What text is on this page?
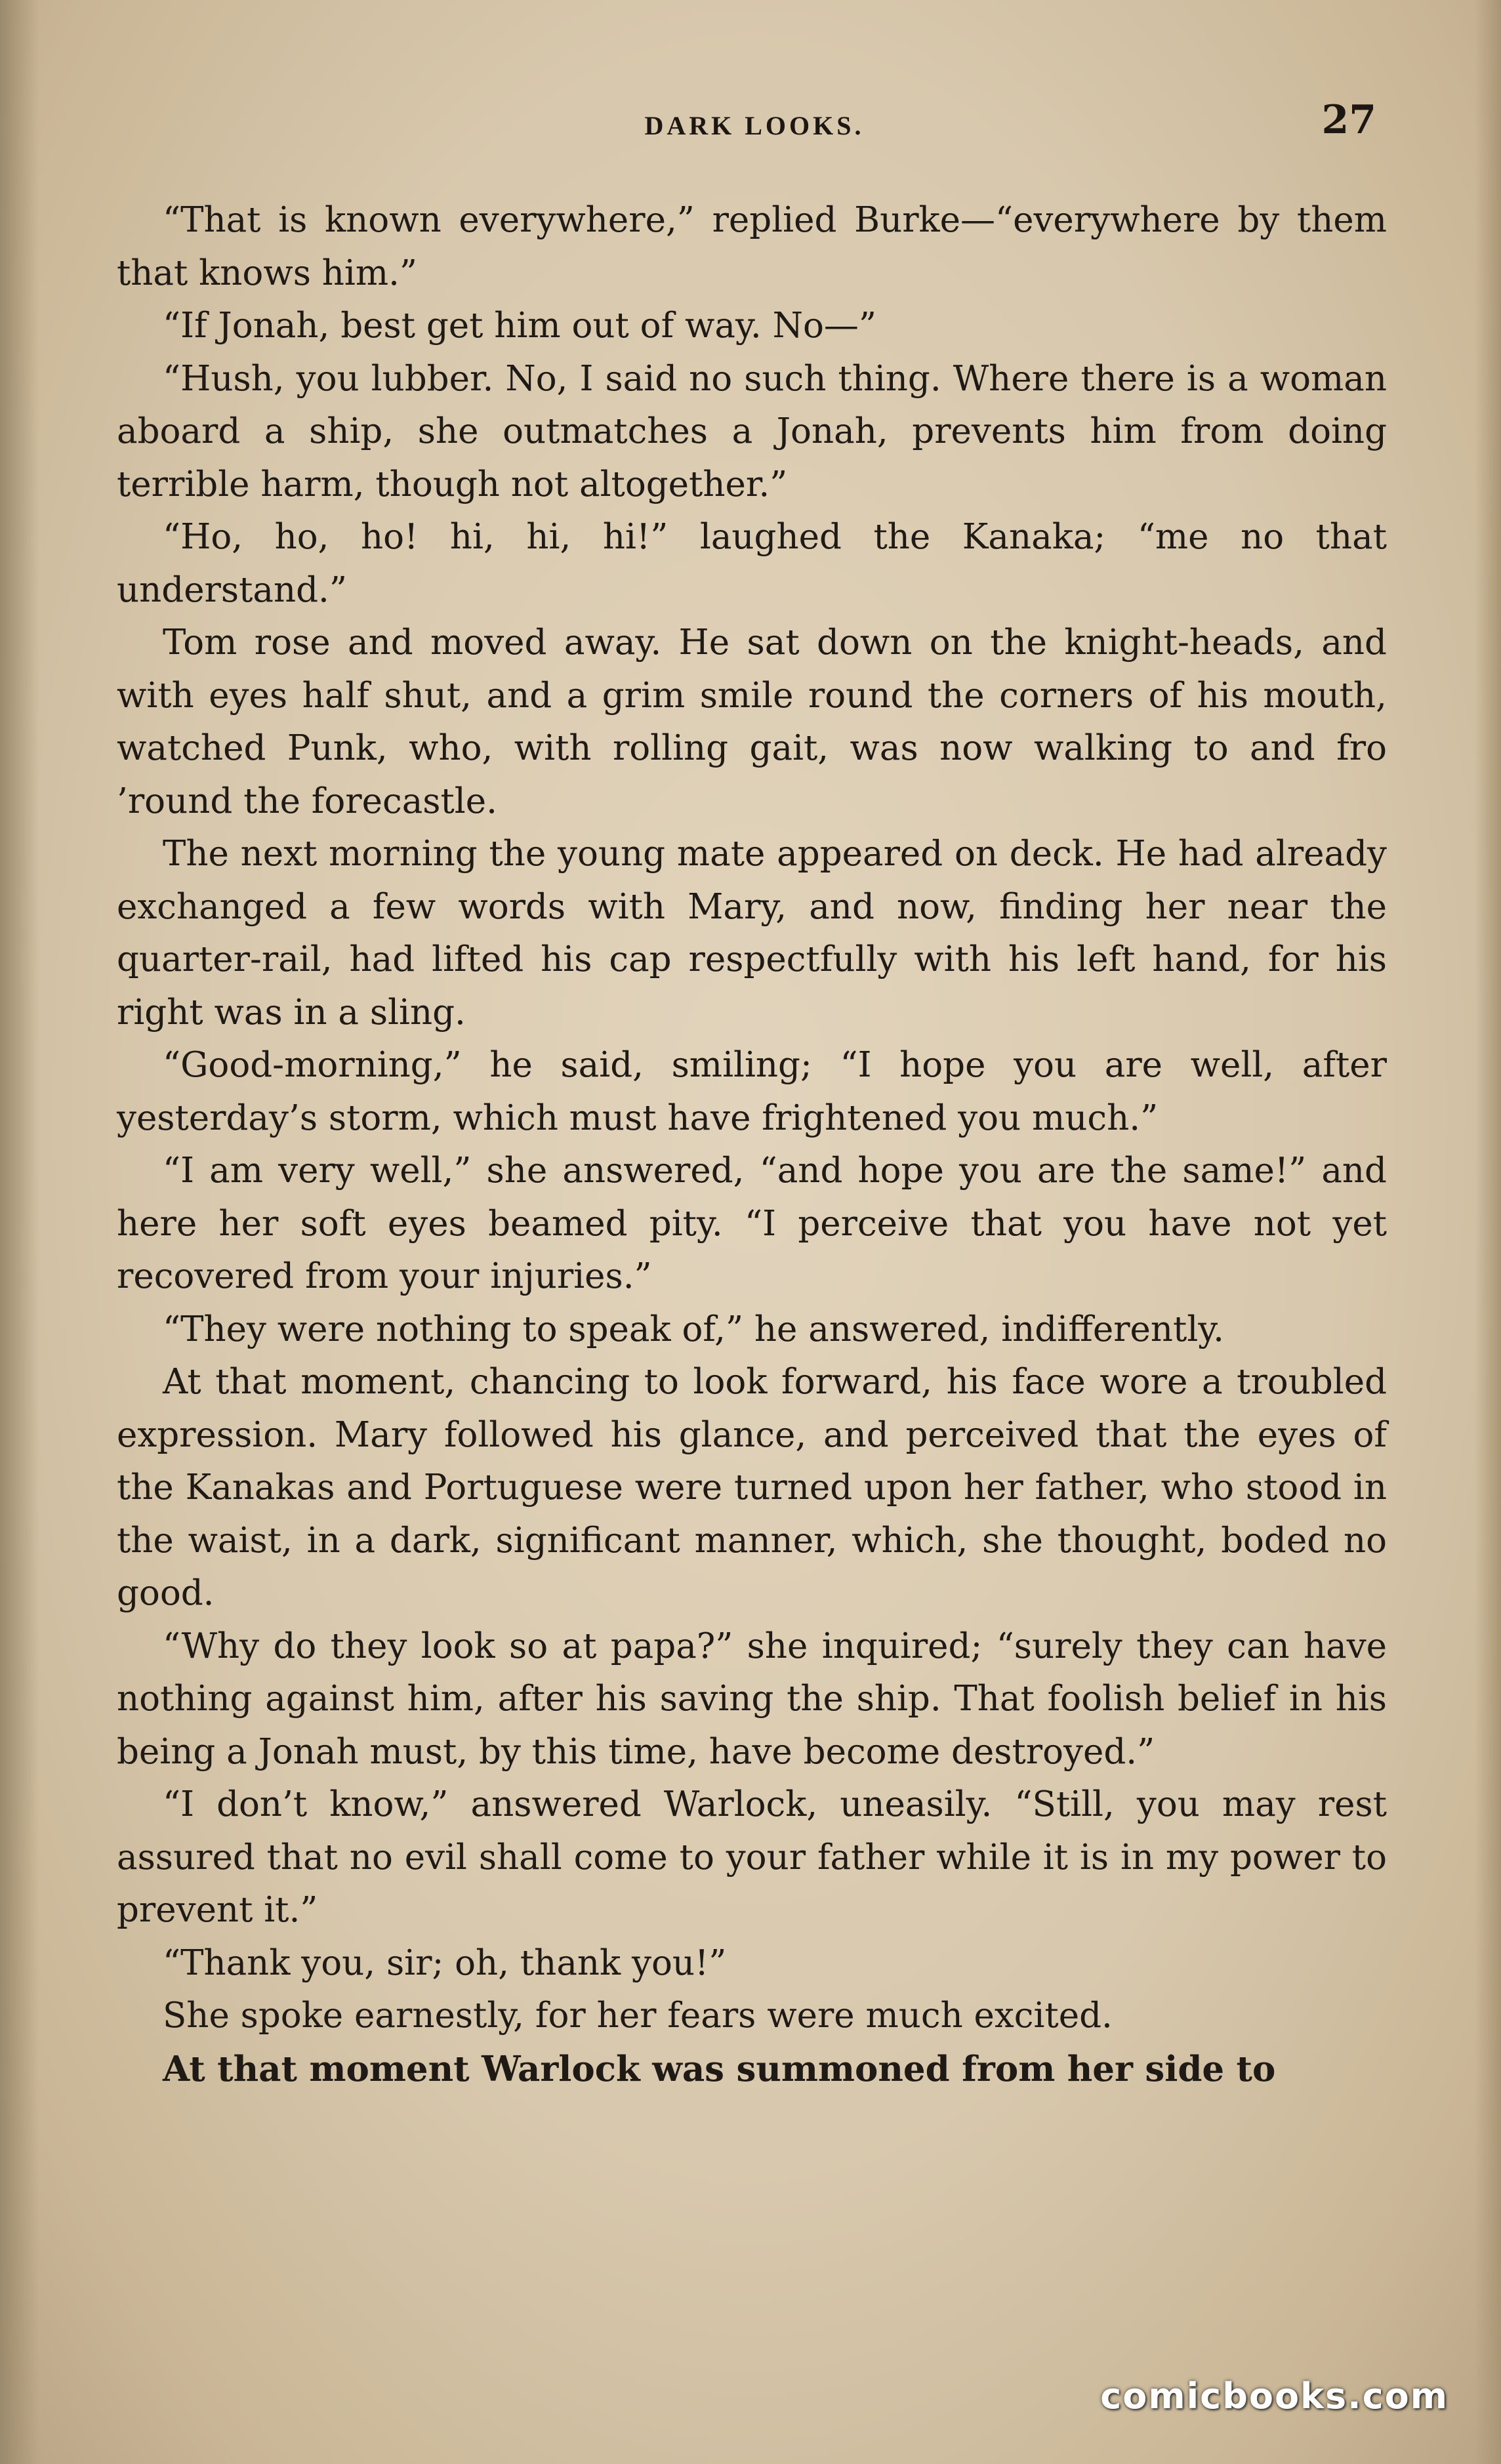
DARK LOOKS.	27

“That is known everywhere,” replied Burke—“everywhere by them that knows him.”

“If Jonah, best get him out of way. No—”

“Hush, you lubber. No, I said no such thing. Where there is a woman aboard a ship, she outmatches a Jonah, prevents him from doing terrible harm, though not altogether.”

“Ho, ho, ho! hi, hi, hi!” laughed the Kanaka; “me no that understand.”

Tom rose and moved away. He sat down on the knight-heads, and with eyes half shut, and a grim smile round the corners of his mouth, watched Punk, who, with rolling gait, was now walking to and fro ’round the forecastle.

The next morning the young mate appeared on deck. He had already exchanged a few words with Mary, and now, finding her near the quarter-rail, had lifted his cap respectfully with his left hand, for his right was in a sling.

“Good-morning,” he said, smiling; “I hope you are well, after yesterday’s storm, which must have frightened you much.”

“I am very well,” she answered, “and hope you are the same!” and here her soft eyes beamed pity. “I perceive that you have not yet recovered from your injuries.”

“They were nothing to speak of,” he answered, indifferently.

At that moment, chancing to look forward, his face wore a troubled expression. Mary followed his glance, and perceived that the eyes of the Kanakas and Portuguese were turned upon her father, who stood in the waist, in a dark, significant manner, which, she thought, boded no good.

“Why do they look so at papa?” she inquired; “surely they can have nothing against him, after his saving the ship. That foolish belief in his being a Jonah must, by this time, have become destroyed.”

“I don’t know,” answered Warlock, uneasily. “Still, you may rest assured that no evil shall come to your father while it is in my power to prevent it.”

“Thank you, sir; oh, thank you!”

She spoke earnestly, for her fears were much excited.

At that moment Warlock was summoned from her side to

comicbooks.com
